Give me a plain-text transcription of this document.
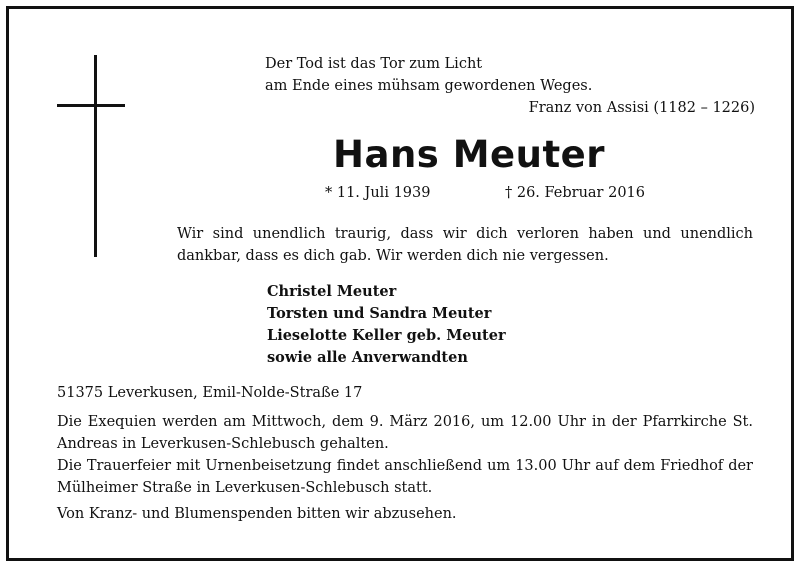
Der Tod ist das Tor zum Licht
am Ende eines mühsam gewordenen Weges.
Franz von Assisi (1182 – 1226)
Hans Meuter
* 11. Juli 1939	† 26. Februar 2016
Wir sind unendlich traurig, dass wir dich verloren haben und unendlich dankbar, dass es dich gab. Wir werden dich nie vergessen.
Christel Meuter
Torsten und Sandra Meuter
Lieselotte Keller geb. Meuter
sowie alle Anverwandten
51375 Leverkusen, Emil-Nolde-Straße 17
Die Exequien werden am Mittwoch, dem 9. März 2016, um 12.00 Uhr in der Pfarrkirche St. Andreas in Leverkusen-Schlebusch gehalten.
Die Trauerfeier mit Urnenbeisetzung findet anschließend um 13.00 Uhr auf dem Friedhof der Mülheimer Straße in Leverkusen-Schlebusch statt.
Von Kranz- und Blumenspenden bitten wir abzusehen.
